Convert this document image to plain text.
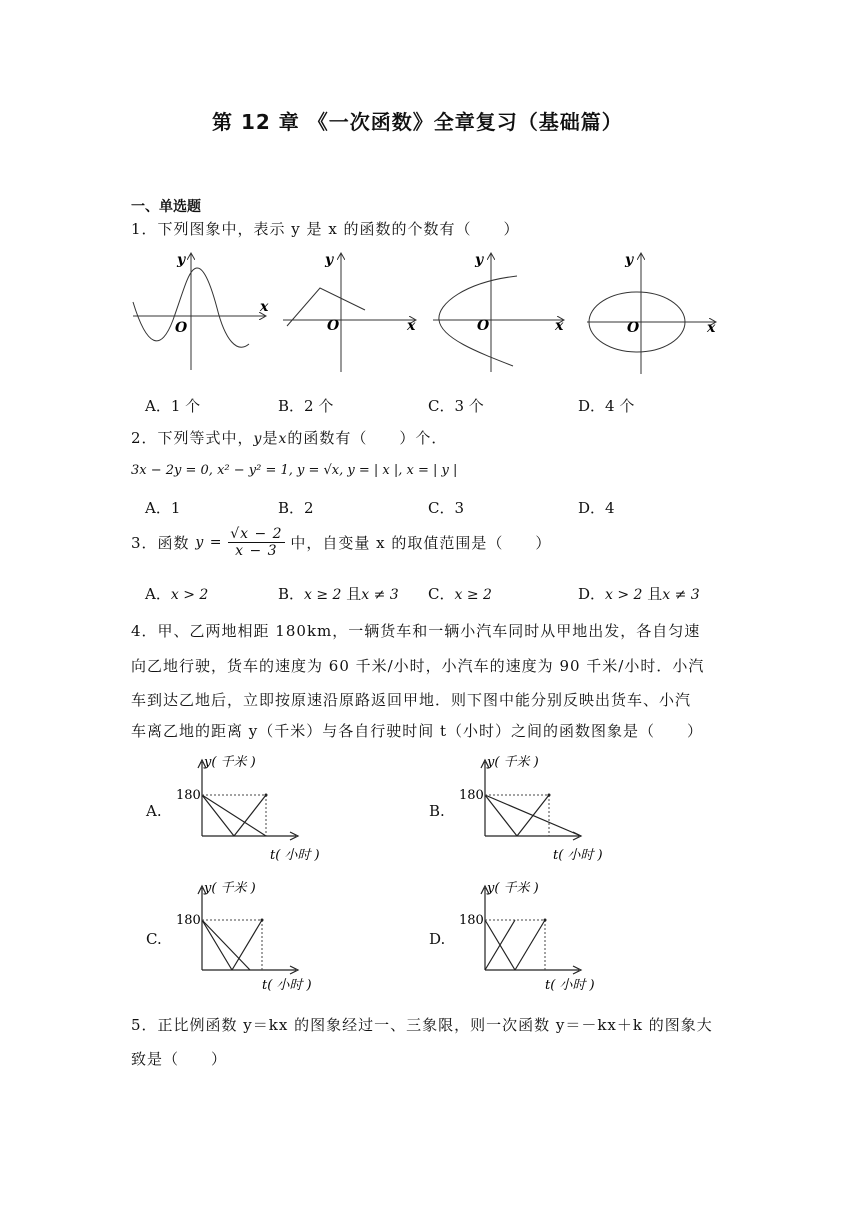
第 12 章 《一次函数》全章复习（基础篇）
一、单选题
1．下列图象中，表示 y 是 x 的函数的个数有（　　）
x
y
O	x
y
O	x
y
O	x
y
O
A．1 个	B．2 个	C．3 个	D．4 个
2．下列等式中，y是x的函数有（　　）个．
3x − 2y = 0, x² − y² = 1, y = √x, y = | x |, x = | y |
A．1	B．2	C．3	D．4
3．函数 $y = \frac{√x - 2}{x - 3}$ 中，自变量 x 的取值范围是（　　）
A．x > 2	B．x ≥ 2 且x ≠ 3 C．x ≥ 2	D．x > 2 且x ≠ 3
4．甲、乙两地相距 180km，一辆货车和一辆小汽车同时从甲地出发，各自匀速
向乙地行驶，货车的速度为 60 千米/小时，小汽车的速度为 90 千米/小时．小汽
车到达乙地后，立即按原速沿原路返回甲地．则下图中能分别反映出货车、小汽
车离乙地的距离 y（千米）与各自行驶时间 t（小时）之间的函数图象是（　　）
A.	B.
C.	D.
180
y( 千米 )
t( 小时 )
180
y( 千米 )
t( 小时 )
180
y( 千米 )
t( 小时 )
180
y( 千米 )
t( 小时 )
5．正比例函数 y＝kx 的图象经过一、三象限，则一次函数 y＝－kx＋k 的图象大
致是（　　）
